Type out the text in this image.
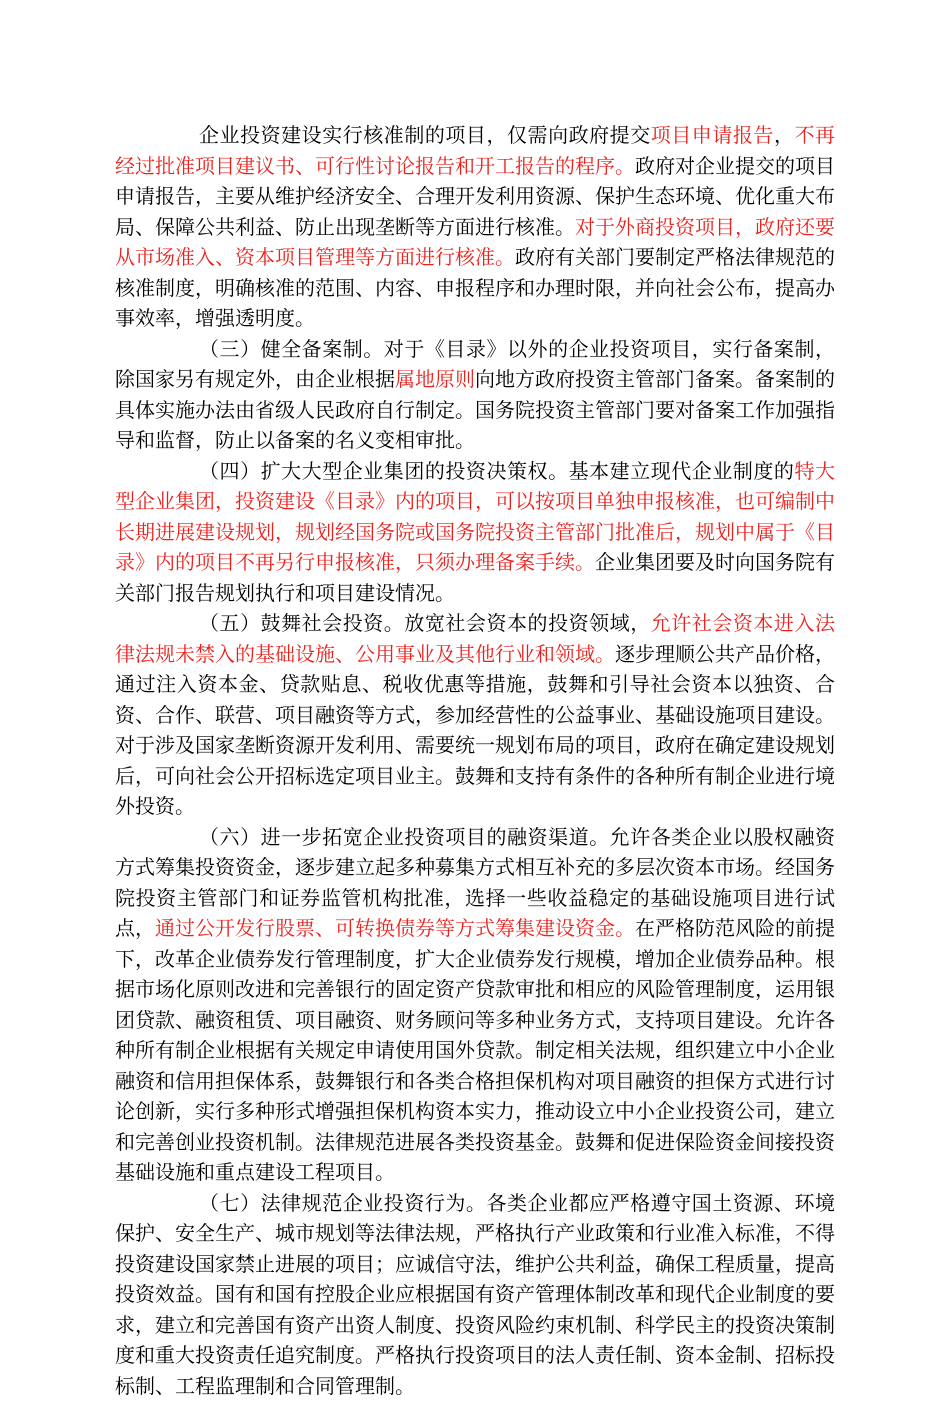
企业投资建设实行核准制的项目，仅需向政府提交项目申请报告，不再经过批准项目建议书、可行性讨论报告和开工报告的程序。政府对企业提交的项目申请报告，主要从维护经济安全、合理开发利用资源、保护生态环境、优化重大布局、保障公共利益、防止出现垄断等方面进行核准。对于外商投资项目，政府还要从市场准入、资本项目管理等方面进行核准。政府有关部门要制定严格法律规范的核准制度，明确核准的范围、内容、申报程序和办理时限，并向社会公布，提高办事效率，增强透明度。

（三）健全备案制。对于《目录》以外的企业投资项目，实行备案制，除国家另有规定外，由企业根据属地原则向地方政府投资主管部门备案。备案制的具体实施办法由省级人民政府自行制定。国务院投资主管部门要对备案工作加强指导和监督，防止以备案的名义变相审批。

（四）扩大大型企业集团的投资决策权。基本建立现代企业制度的特大型企业集团，投资建设《目录》内的项目，可以按项目单独申报核准，也可编制中长期进展建设规划，规划经国务院或国务院投资主管部门批准后，规划中属于《目录》内的项目不再另行申报核准，只须办理备案手续。企业集团要及时向国务院有关部门报告规划执行和项目建设情况。

（五）鼓舞社会投资。放宽社会资本的投资领域，允许社会资本进入法律法规未禁入的基础设施、公用事业及其他行业和领域。逐步理顺公共产品价格，通过注入资本金、贷款贴息、税收优惠等措施，鼓舞和引导社会资本以独资、合资、合作、联营、项目融资等方式，参加经营性的公益事业、基础设施项目建设。对于涉及国家垄断资源开发利用、需要统一规划布局的项目，政府在确定建设规划后，可向社会公开招标选定项目业主。鼓舞和支持有条件的各种所有制企业进行境外投资。

（六）进一步拓宽企业投资项目的融资渠道。允许各类企业以股权融资方式筹集投资资金，逐步建立起多种募集方式相互补充的多层次资本市场。经国务院投资主管部门和证券监管机构批准，选择一些收益稳定的基础设施项目进行试点，通过公开发行股票、可转换债券等方式筹集建设资金。在严格防范风险的前提下，改革企业债券发行管理制度，扩大企业债券发行规模，增加企业债券品种。根据市场化原则改进和完善银行的固定资产贷款审批和相应的风险管理制度，运用银团贷款、融资租赁、项目融资、财务顾问等多种业务方式，支持项目建设。允许各种所有制企业根据有关规定申请使用国外贷款。制定相关法规，组织建立中小企业融资和信用担保体系，鼓舞银行和各类合格担保机构对项目融资的担保方式进行讨论创新，实行多种形式增强担保机构资本实力，推动设立中小企业投资公司，建立和完善创业投资机制。法律规范进展各类投资基金。鼓舞和促进保险资金间接投资基础设施和重点建设工程项目。

（七）法律规范企业投资行为。各类企业都应严格遵守国土资源、环境保护、安全生产、城市规划等法律法规，严格执行产业政策和行业准入标准，不得投资建设国家禁止进展的项目；应诚信守法，维护公共利益，确保工程质量，提高投资效益。国有和国有控股企业应根据国有资产管理体制改革和现代企业制度的要求，建立和完善国有资产出资人制度、投资风险约束机制、科学民主的投资决策制度和重大投资责任追究制度。严格执行投资项目的法人责任制、资本金制、招标投标制、工程监理制和合同管理制。
